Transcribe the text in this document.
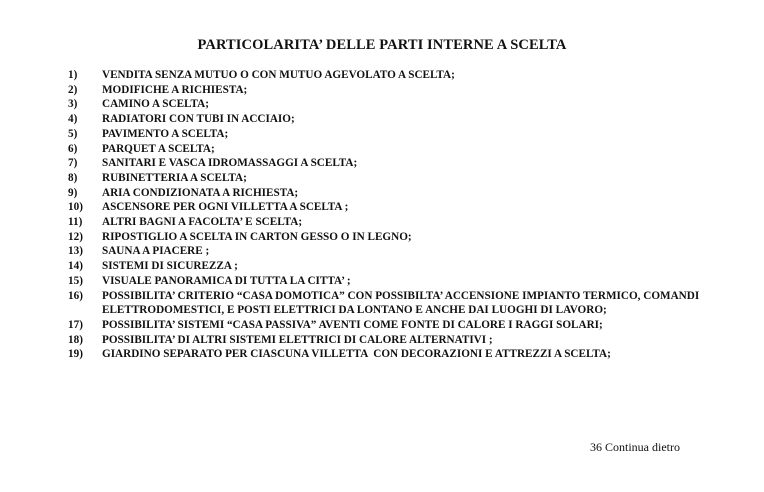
PARTICOLARITA’ DELLE PARTI INTERNE A SCELTA
1)	VENDITA SENZA MUTUO O CON MUTUO AGEVOLATO A SCELTA;
2)	MODIFICHE A RICHIESTA;
3)	CAMINO A SCELTA;
4)	RADIATORI CON TUBI IN ACCIAIO;
5)	PAVIMENTO A SCELTA;
6)	PARQUET A SCELTA;
7)	SANITARI E VASCA IDROMASSAGGI A SCELTA;
8)	RUBINETTERIA A SCELTA;
9)	ARIA CONDIZIONATA A RICHIESTA;
10)	ASCENSORE PER OGNI VILLETTA A SCELTA ;
11)	ALTRI BAGNI A FACOLTA’ E SCELTA;
12)	RIPOSTIGLIO A SCELTA IN CARTON GESSO O IN LEGNO;
13)	SAUNA A PIACERE ;
14)	SISTEMI DI SICUREZZA ;
15)	VISUALE PANORAMICA DI TUTTA LA CITTA’ ;
16)	POSSIBILITA’ CRITERIO “CASA DOMOTICA” CON POSSIBILTA’ ACCENSIONE IMPIANTO TERMICO, COMANDI ELETTRODOMESTICI, E POSTI ELETTRICI DA LONTANO E ANCHE DAI LUOGHI DI LAVORO;
17)	POSSIBILITA’ SISTEMI “CASA PASSIVA” AVENTI COME FONTE DI CALORE I RAGGI SOLARI;
18)	POSSIBILITA’ DI ALTRI SISTEMI ELETTRICI DI CALORE ALTERNATIVI ;
19)	GIARDINO SEPARATO PER CIASCUNA VILLETTA  CON DECORAZIONI E ATTREZZI A SCELTA;
36 Continua dietro
